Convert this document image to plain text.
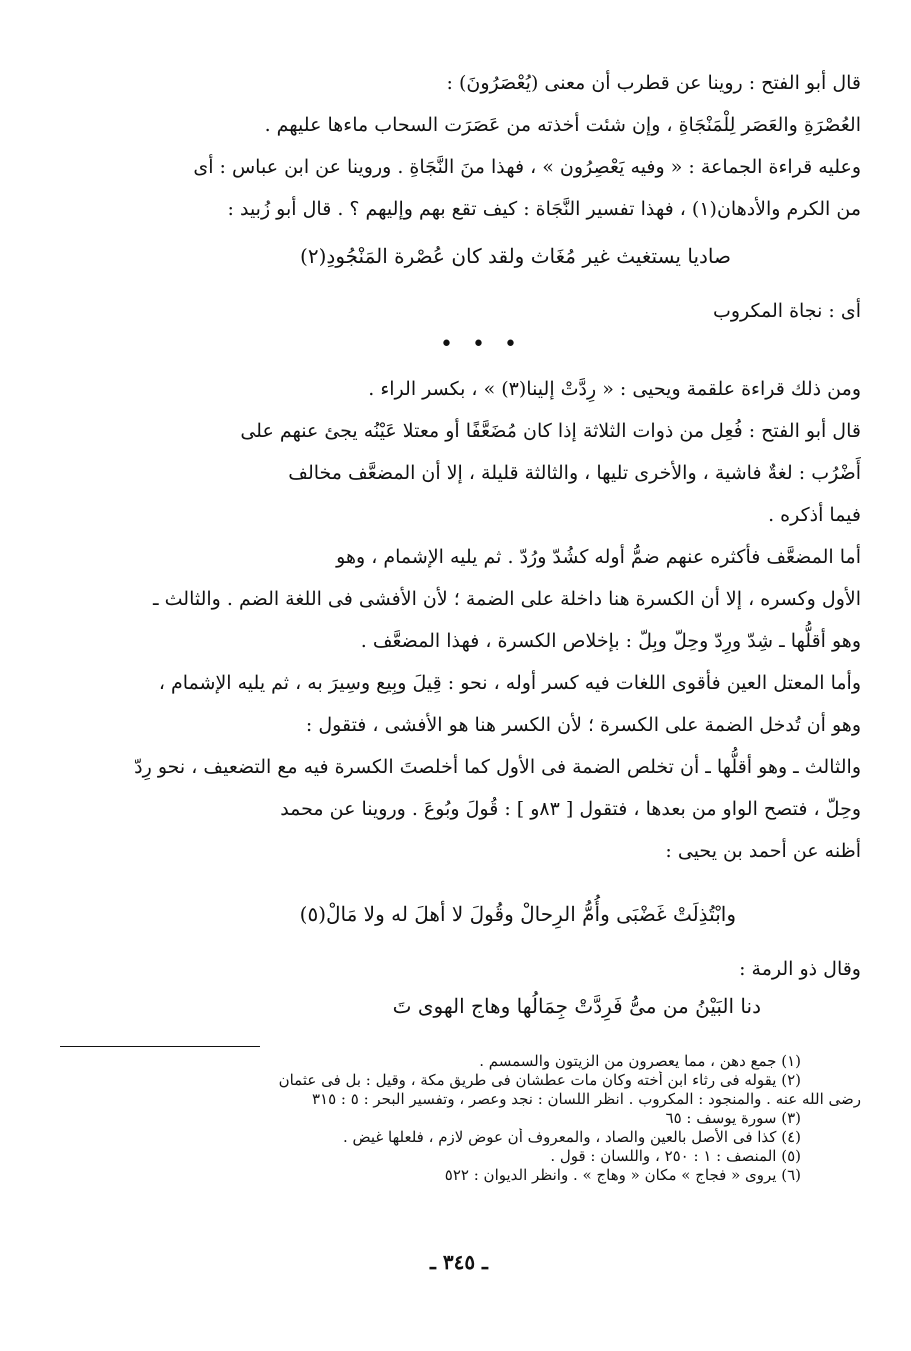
قال أبو الفتح : روينا عن قطرب أن معنى (يُعْصَرُونَ) :
العُصْرَةِ والعَصَر لِلْمَنْجَاةِ ، وإن شئت أخذته من عَصَرَت السحاب ماءها عليهم .
وعليه قراءة الجماعة : « وفيه يَعْصِرُون » ، فهذا منَ النَّجَاةِ . وروينا عن ابن عباس : أى
من الكرم والأدهان(١) ، فهذا تفسير النَّجَاة : كيف تقع بهم وإليهم ؟ . قال أبو زُبيد :
صاديا يستغيث غير مُغَاث ولقد كان عُصْرة المَنْجُودِ(٢)
أى : نجاة المكروب
• • •
ومن ذلك قراءة علقمة ويحيى : « رِدَّتْ إلينا(٣) » ، بكسر الراء .
قال أبو الفتح : فُعِل من ذوات الثلاثة إذا كان مُضَعَّفًا أو معتلا عَيْنُه يجئ عنهم على
أَضْرُب : لغةٌ فاشية ، والأخرى تليها ، والثالثة قليلة ، إلا أن المضعَّف مخالف
فيما أذكره .
أما المضعَّف فأكثره عنهم ضمُّ أوله كشُدّ ورُدّ . ثم يليه الإشمام ، وهو
الأول وكسره ، إلا أن الكسرة هنا داخلة على الضمة ؛ لأن الأفشى فى اللغة الضم . والثالث ـ
وهو أقلُّها ـ شِدّ ورِدّ وحِلّ وبِلّ : بإخلاص الكسرة ، فهذا المضعَّف .
وأما المعتل العين فأقوى اللغات فيه كسر أوله ، نحو : قِيلَ وبِيع وسِيرَ به ، ثم يليه الإشمام ،
وهو أن تُدخل الضمة على الكسرة ؛ لأن الكسر هنا هو الأفشى ، فتقول :
والثالث ـ وهو أقلُّها ـ أن تخلص الضمة فى الأول كما أخلصتَ الكسرة فيه مع التضعيف ، نحو رِدّ
وحِلّ ، فتصح الواو من بعدها ، فتقول [ ٨٣و ] : قُولَ وبُوعَ . وروينا عن محمد
أظنه عن أحمد بن يحيى :
وابْتُذِلَتْ غَضْبَى وأُمُّ الرِحالْ وقُولَ لا أهلَ له ولا مَالْ(٥)
وقال ذو الرمة :
دنا البَيْنُ من مىُّ فَرِدَّتْ جِمَالُها وهاج الهوى تَ
(١) جمع دهن ، مما يعصرون من الزيتون والسمسم .
(٢) يقوله فى رثاء ابن أخته وكان مات عطشان فى طريق مكة ، وقيل : بل فى عثمان
رضى الله عنه . والمنجود : المكروب . انظر اللسان : نجد وعصر ، وتفسير البحر : ٥ : ٣١٥
(٣) سورة يوسف : ٦٥
(٤) كذا فى الأصل بالعين والصاد ، والمعروف أن عوض لازم ، فلعلها غيض .
(٥) المنصف : ١ : ٢٥٠ ، واللسان : قول .
(٦) يروى « فجاج » مكان « وهاج » . وانظر الديوان : ٥٢٢
ـ ٣٤٥ ـ
